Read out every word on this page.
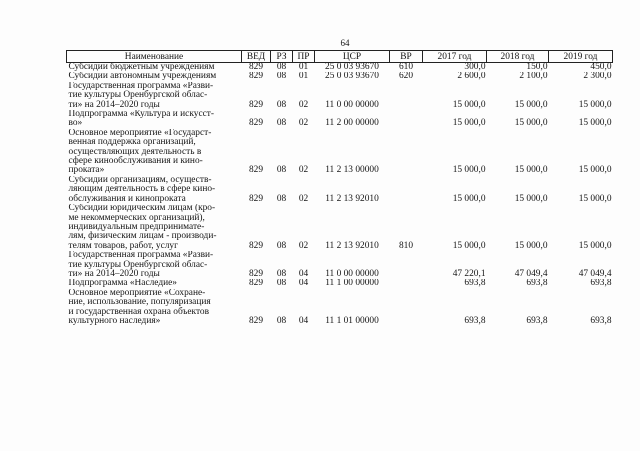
64
Наименование	ВЕД	РЗ	ПР	ЦСР	ВР	2017 год	2018 год	2019 год
Субсидии бюджетным учреждениям	829	08	01	25 0 03 93670	610	300,0	150,0	450,0
Субсидии автономным учреждениям	829	08	01	25 0 03 93670	620	2 600,0	2 100,0	2 300,0
Государственная программа «Разви-
тие культуры Оренбургской облас-
ти» на 2014–2020 годы	829	08	02	11 0 00 00000		15 000,0	15 000,0	15 000,0
Подпрограмма «Культура и искусст-
во»	829	08	02	11 2 00 00000		15 000,0	15 000,0	15 000,0
Основное мероприятие «Государст-
венная поддержка организаций,
осуществляющих деятельность в
сфере кинообслуживания и кино-
проката»	829	08	02	11 2 13 00000		15 000,0	15 000,0	15 000,0
Субсидии организациям, осуществ-
ляющим деятельность в сфере кино-
обслуживания и кинопроката	829	08	02	11 2 13 92010		15 000,0	15 000,0	15 000,0
Субсидии юридическим лицам (кро-
ме некоммерческих организаций),
индивидуальным предпринимате-
лям, физическим лицам - производи-
телям товаров, работ, услуг	829	08	02	11 2 13 92010	810	15 000,0	15 000,0	15 000,0
Государственная программа «Разви-
тие культуры Оренбургской облас-
ти» на 2014–2020 годы	829	08	04	11 0 00 00000		47 220,1	47 049,4	47 049,4
Подпрограмма «Наследие»	829	08	04	11 1 00 00000		693,8	693,8	693,8
Основное мероприятие «Сохране-
ние, использование, популяризация
и государственная охрана объектов
культурного наследия»	829	08	04	11 1 01 00000		693,8	693,8	693,8
